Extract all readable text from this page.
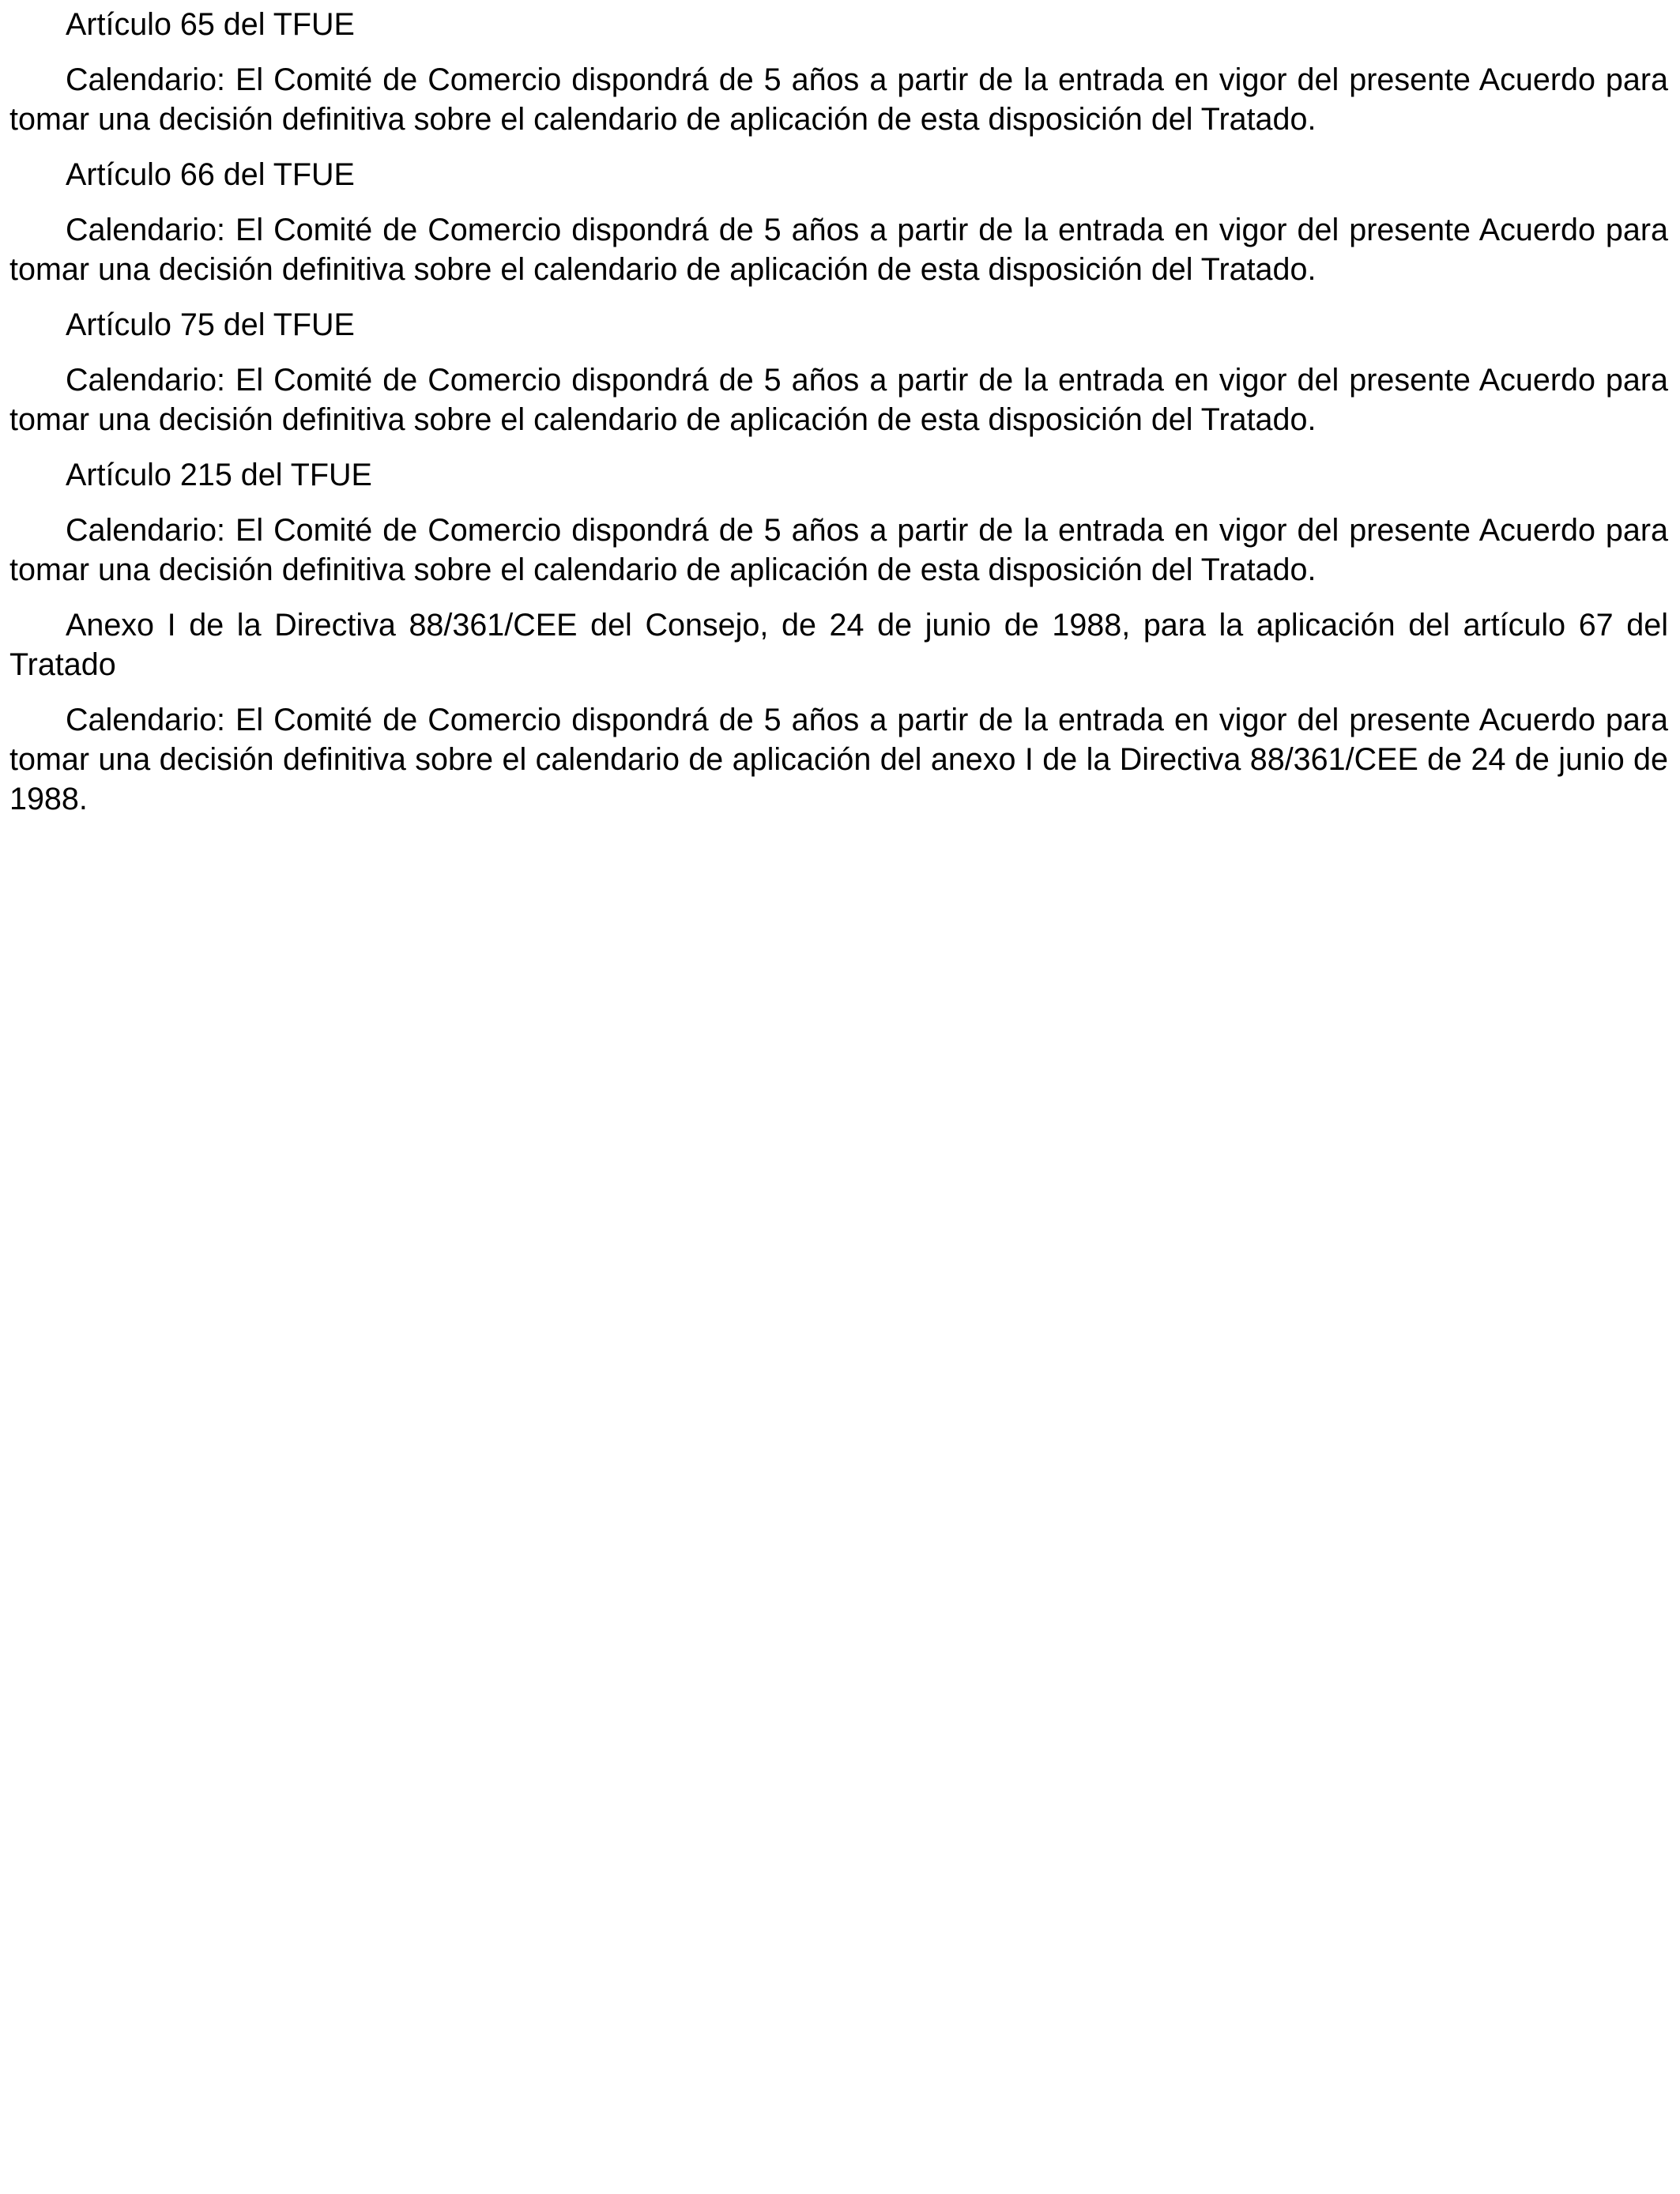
Artículo 65 del TFUE

Calendario: El Comité de Comercio dispondrá de 5 años a partir de la entrada en vigor del presente Acuerdo para tomar una decisión definitiva sobre el calendario de aplicación de esta disposición del Tratado.

Artículo 66 del TFUE

Calendario: El Comité de Comercio dispondrá de 5 años a partir de la entrada en vigor del presente Acuerdo para tomar una decisión definitiva sobre el calendario de aplicación de esta disposición del Tratado.

Artículo 75 del TFUE

Calendario: El Comité de Comercio dispondrá de 5 años a partir de la entrada en vigor del presente Acuerdo para tomar una decisión definitiva sobre el calendario de aplicación de esta disposición del Tratado.

Artículo 215 del TFUE

Calendario: El Comité de Comercio dispondrá de 5 años a partir de la entrada en vigor del presente Acuerdo para tomar una decisión definitiva sobre el calendario de aplicación de esta disposición del Tratado.

Anexo I de la Directiva 88/361/CEE del Consejo, de 24 de junio de 1988, para la aplicación del artículo 67 del Tratado

Calendario: El Comité de Comercio dispondrá de 5 años a partir de la entrada en vigor del presente Acuerdo para tomar una decisión definitiva sobre el calendario de aplicación del anexo I de la Directiva 88/361/CEE de 24 de junio de 1988.
